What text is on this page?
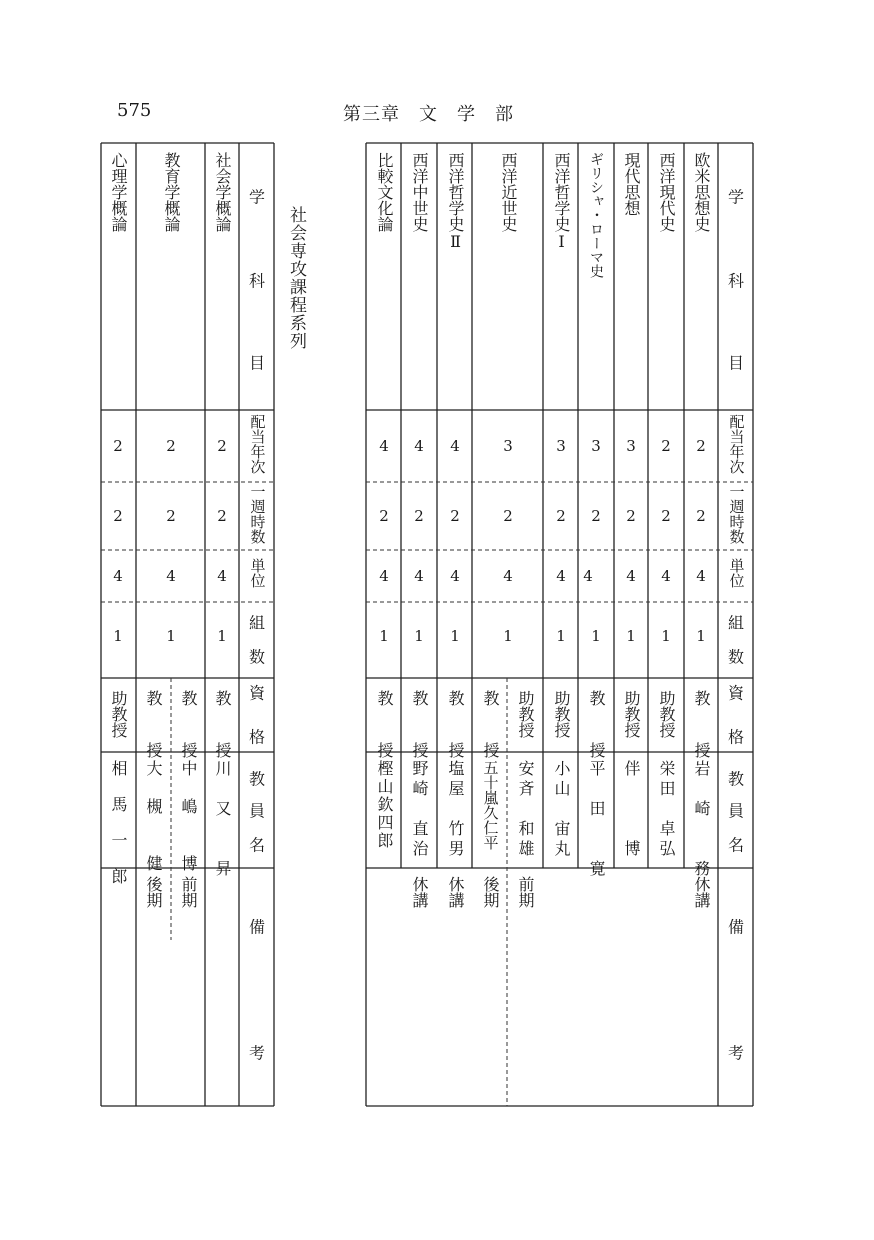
575	第三章　文　学　部
社会専攻課程系列
学
科
目
配当年次
一週時数
単位
組
数
資
格
教
員
名
備
考
欧米思想史
2
2
4
1
教　授
岩　崎　　務
休講
西洋現代史
2
2
4
1
助教授
栄田　卓弘
現代思想
3
2
4
1
助教授
伴　　　博
ギリシャ・ローマ史
3
2
4
1
教　授
平　田　　寛
西洋哲学史Ⅰ
3
2
4
1
助教授
小山　宙丸
西洋近世史
3
2
4
1
助教授
安斉　和雄
前期
教　授
五十嵐久仁平
後期
西洋哲学史Ⅱ
4
2
4
1
教　授
塩屋　竹男
休講
西洋中世史
4
2
4
1
教　授
野崎　直治
休講
比較文化論
4
2
4
1
教　授
樫山欽四郎
学
科
目
配当年次
一週時数
単位
組
数
資
格
教
員
名
備
考
社会学概論
2
2
4
1
教　授
川　又　　昇
教育学概論
2
2
4
1
教　授
中　嶋　　博
前期
教　授
大　槻　　健
後期
心理学概論
2
2
4
1
助教授
相　馬　一　郎
